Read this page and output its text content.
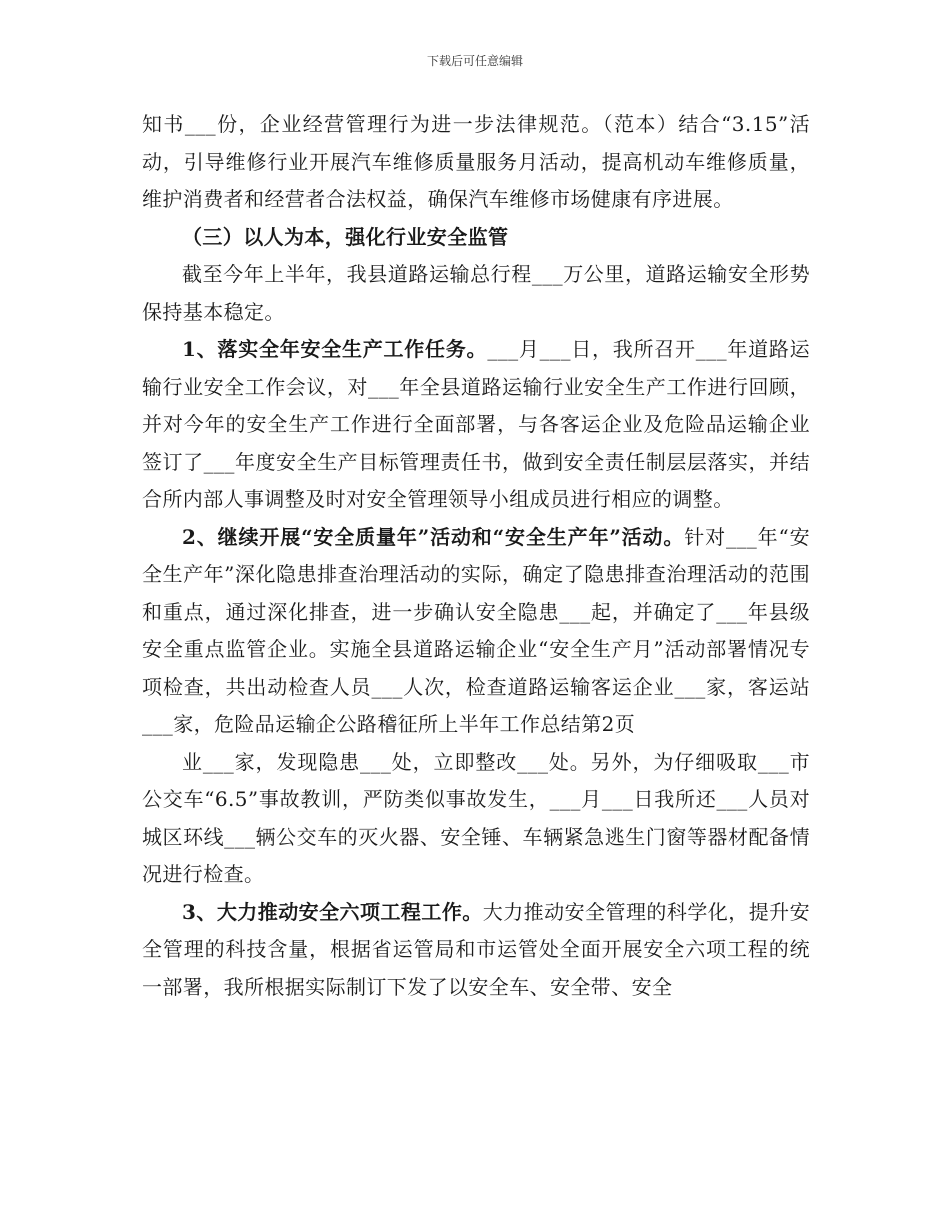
下载后可任意编辑

知书___份，企业经营管理行为进一步法律规范。（范本）结合“3.15”活动，引导维修行业开展汽车维修质量服务月活动，提高机动车维修质量，维护消费者和经营者合法权益，确保汽车维修市场健康有序进展。

（三）以人为本，强化行业安全监管

截至今年上半年，我县道路运输总行程___万公里，道路运输安全形势保持基本稳定。

1、落实全年安全生产工作任务。___月___日，我所召开___年道路运输行业安全工作会议，对___年全县道路运输行业安全生产工作进行回顾，并对今年的安全生产工作进行全面部署，与各客运企业及危险品运输企业签订了___年度安全生产目标管理责任书，做到安全责任制层层落实，并结合所内部人事调整及时对安全管理领导小组成员进行相应的调整。

2、继续开展“安全质量年”活动和“安全生产年”活动。针对___年“安全生产年”深化隐患排查治理活动的实际，确定了隐患排查治理活动的范围和重点，通过深化排查，进一步确认安全隐患___起，并确定了___年县级安全重点监管企业。实施全县道路运输企业“安全生产月”活动部署情况专项检查，共出动检查人员___人次，检查道路运输客运企业___家，客运站___家，危险品运输企公路稽征所上半年工作总结第2页

业___家，发现隐患___处，立即整改___处。另外，为仔细吸取___市公交车“6.5”事故教训，严防类似事故发生，___月___日我所还___人员对城区环线___辆公交车的灭火器、安全锤、车辆紧急逃生门窗等器材配备情况进行检查。

3、大力推动安全六项工程工作。大力推动安全管理的科学化，提升安全管理的科技含量，根据省运管局和市运管处全面开展安全六项工程的统一部署，我所根据实际制订下发了以安全车、安全带、安全
